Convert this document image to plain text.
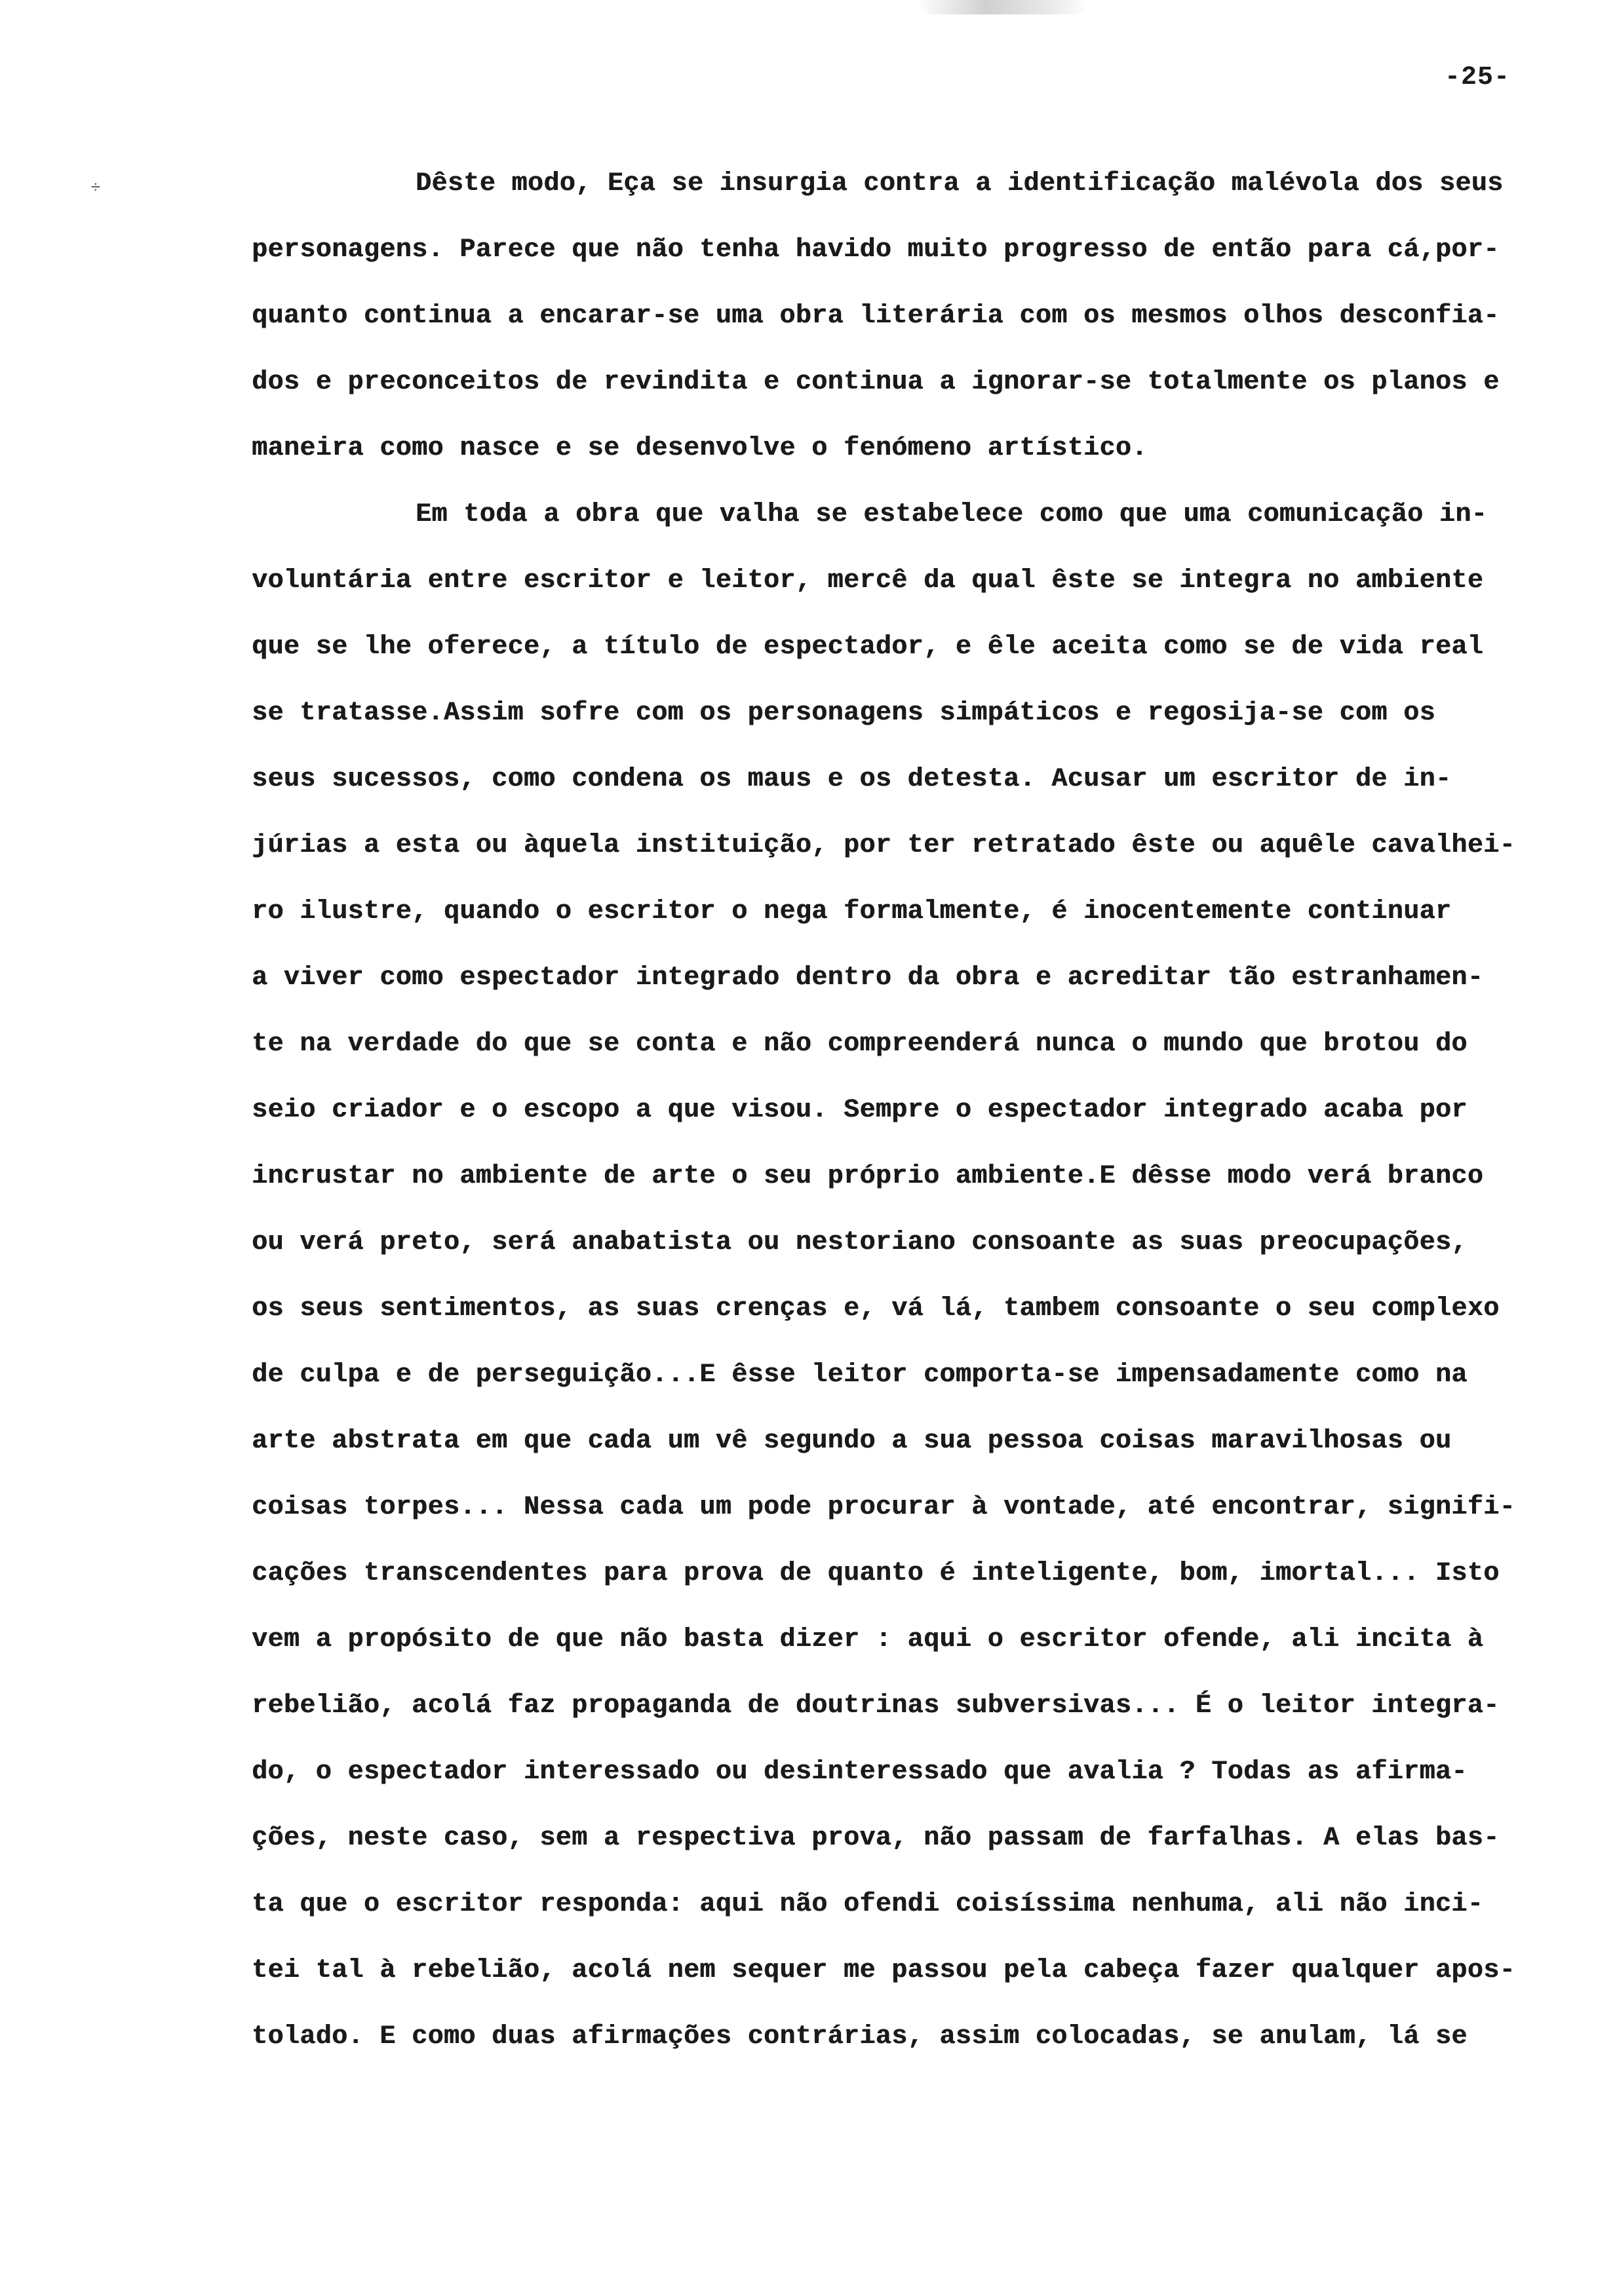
÷
-25-
Dêste modo, Eça se insurgia contra a identificação malévola dos seus
personagens. Parece que não tenha havido muito progresso de então para cá,por-
quanto continua a encarar-se uma obra literária com os mesmos olhos desconfia-
dos e preconceitos de revindita e continua a ignorar-se totalmente os planos e
maneira como nasce e se desenvolve o fenómeno artístico.
Em toda a obra que valha se estabelece como que uma comunicação in-
voluntária entre escritor e leitor, mercê da qual êste se integra no ambiente
que se lhe oferece, a título de espectador, e êle aceita como se de vida real
se tratasse.Assim sofre com os personagens simpáticos e regosija-se com os
seus sucessos, como condena os maus e os detesta. Acusar um escritor de in-
júrias a esta ou àquela instituição, por ter retratado êste ou aquêle cavalhei-
ro ilustre, quando o escritor o nega formalmente, é inocentemente continuar
a viver como espectador integrado dentro da obra e acreditar tão estranhamen-
te na verdade do que se conta e não compreenderá nunca o mundo que brotou do
seio criador e o escopo a que visou. Sempre o espectador integrado acaba por
incrustar no ambiente de arte o seu próprio ambiente.E dêsse modo verá branco
ou verá preto, será anabatista ou nestoriano consoante as suas preocupações,
os seus sentimentos, as suas crenças e, vá lá, tambem consoante o seu complexo
de culpa e de perseguição...E êsse leitor comporta-se impensadamente como na
arte abstrata em que cada um vê segundo a sua pessoa coisas maravilhosas ou
coisas torpes... Nessa cada um pode procurar à vontade, até encontrar, signifi-
cações transcendentes para prova de quanto é inteligente, bom, imortal... Isto
vem a propósito de que não basta dizer : aqui o escritor ofende, ali incita à
rebelião, acolá faz propaganda de doutrinas subversivas... É o leitor integra-
do, o espectador interessado ou desinteressado que avalia ? Todas as afirma-
ções, neste caso, sem a respectiva prova, não passam de farfalhas. A elas bas-
ta que o escritor responda: aqui não ofendi coisíssima nenhuma, ali não inci-
tei tal à rebelião, acolá nem sequer me passou pela cabeça fazer qualquer apos-
tolado. E como duas afirmações contrárias, assim colocadas, se anulam, lá se
